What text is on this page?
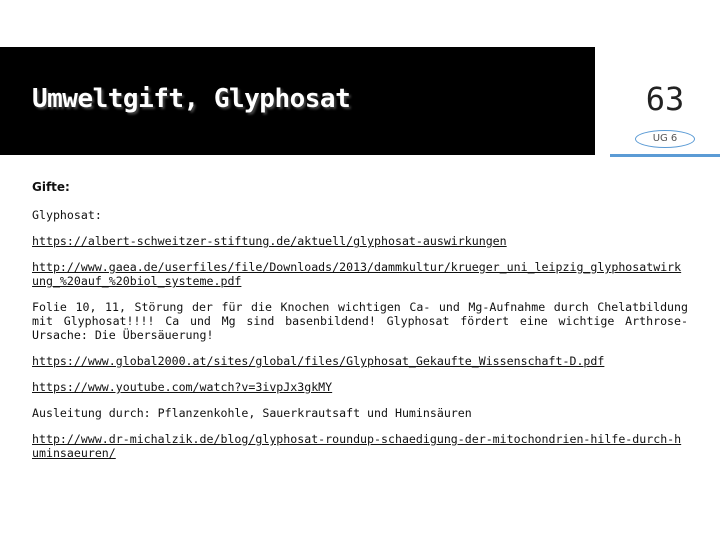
Umweltgift, Glyphosat	63
UG 6

Gifte:

Glyphosat:

https://albert-schweitzer-stiftung.de/aktuell/glyphosat-auswirkungen

http://www.gaea.de/userfiles/file/Downloads/2013/dammkultur/krueger_uni_leipzig_glyphosatwirkung_%20auf_%20biol_systeme.pdf

Folie 10, 11, Störung der für die Knochen wichtigen Ca- und Mg-Aufnahme durch Chelatbildung mit Glyphosat!!!! Ca und Mg sind basenbildend! Glyphosat fördert eine wichtige Arthrose-Ursache: Die Übersäuerung!

https://www.global2000.at/sites/global/files/Glyphosat_Gekaufte_Wissenschaft-D.pdf

https://www.youtube.com/watch?v=3ivpJx3gkMY

Ausleitung durch: Pflanzenkohle, Sauerkrautsaft und Huminsäuren

http://www.dr-michalzik.de/blog/glyphosat-roundup-schaedigung-der-mitochondrien-hilfe-durch-huminsaeuren/
